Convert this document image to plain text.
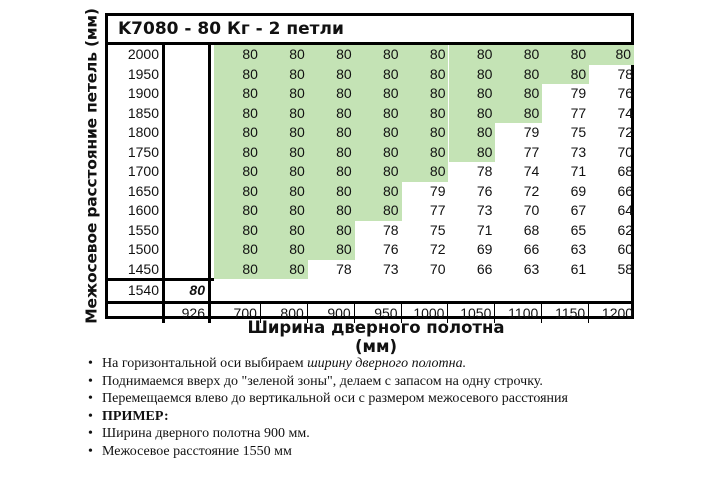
Межосевое расстояние петель (мм) K7080 - 80 Кг - 2 петли
2000	80	80	80	80	80	80	80	80	80
1950	80	80	80	80	80	80	80	80	78
1900	80	80	80	80	80	80	80	79	76
1850	80	80	80	80	80	80	80	77	74
1800	80	80	80	80	80	80	79	75	72
1750	80	80	80	80	80	80	77	73	70
1700	80	80	80	80	80	78	74	71	68
1650	80	80	80	80	79	76	72	69	66
1600	80	80	80	80	77	73	70	67	64
1550	80	80	80	78	75	71	68	65	62
1500	80	80	80	76	72	69	66	63	60
1450	80	80	78	73	70	66	63	61	58
1540	80
926	700	800	900	950	1000	1050	1100	1150	1200
Ширина дверного полотна (мм)
• На горизонтальной оси выбираем ширину дверного полотна.
• Поднимаемся вверх до "зеленой зоны", делаем с запасом на одну строчку.
• Перемещаемся влево до вертикальной оси с размером межосевого расстояния
• ПРИМЕР:
• Ширина дверного полотна 900 мм.
• Межосевое расстояние 1550 мм
